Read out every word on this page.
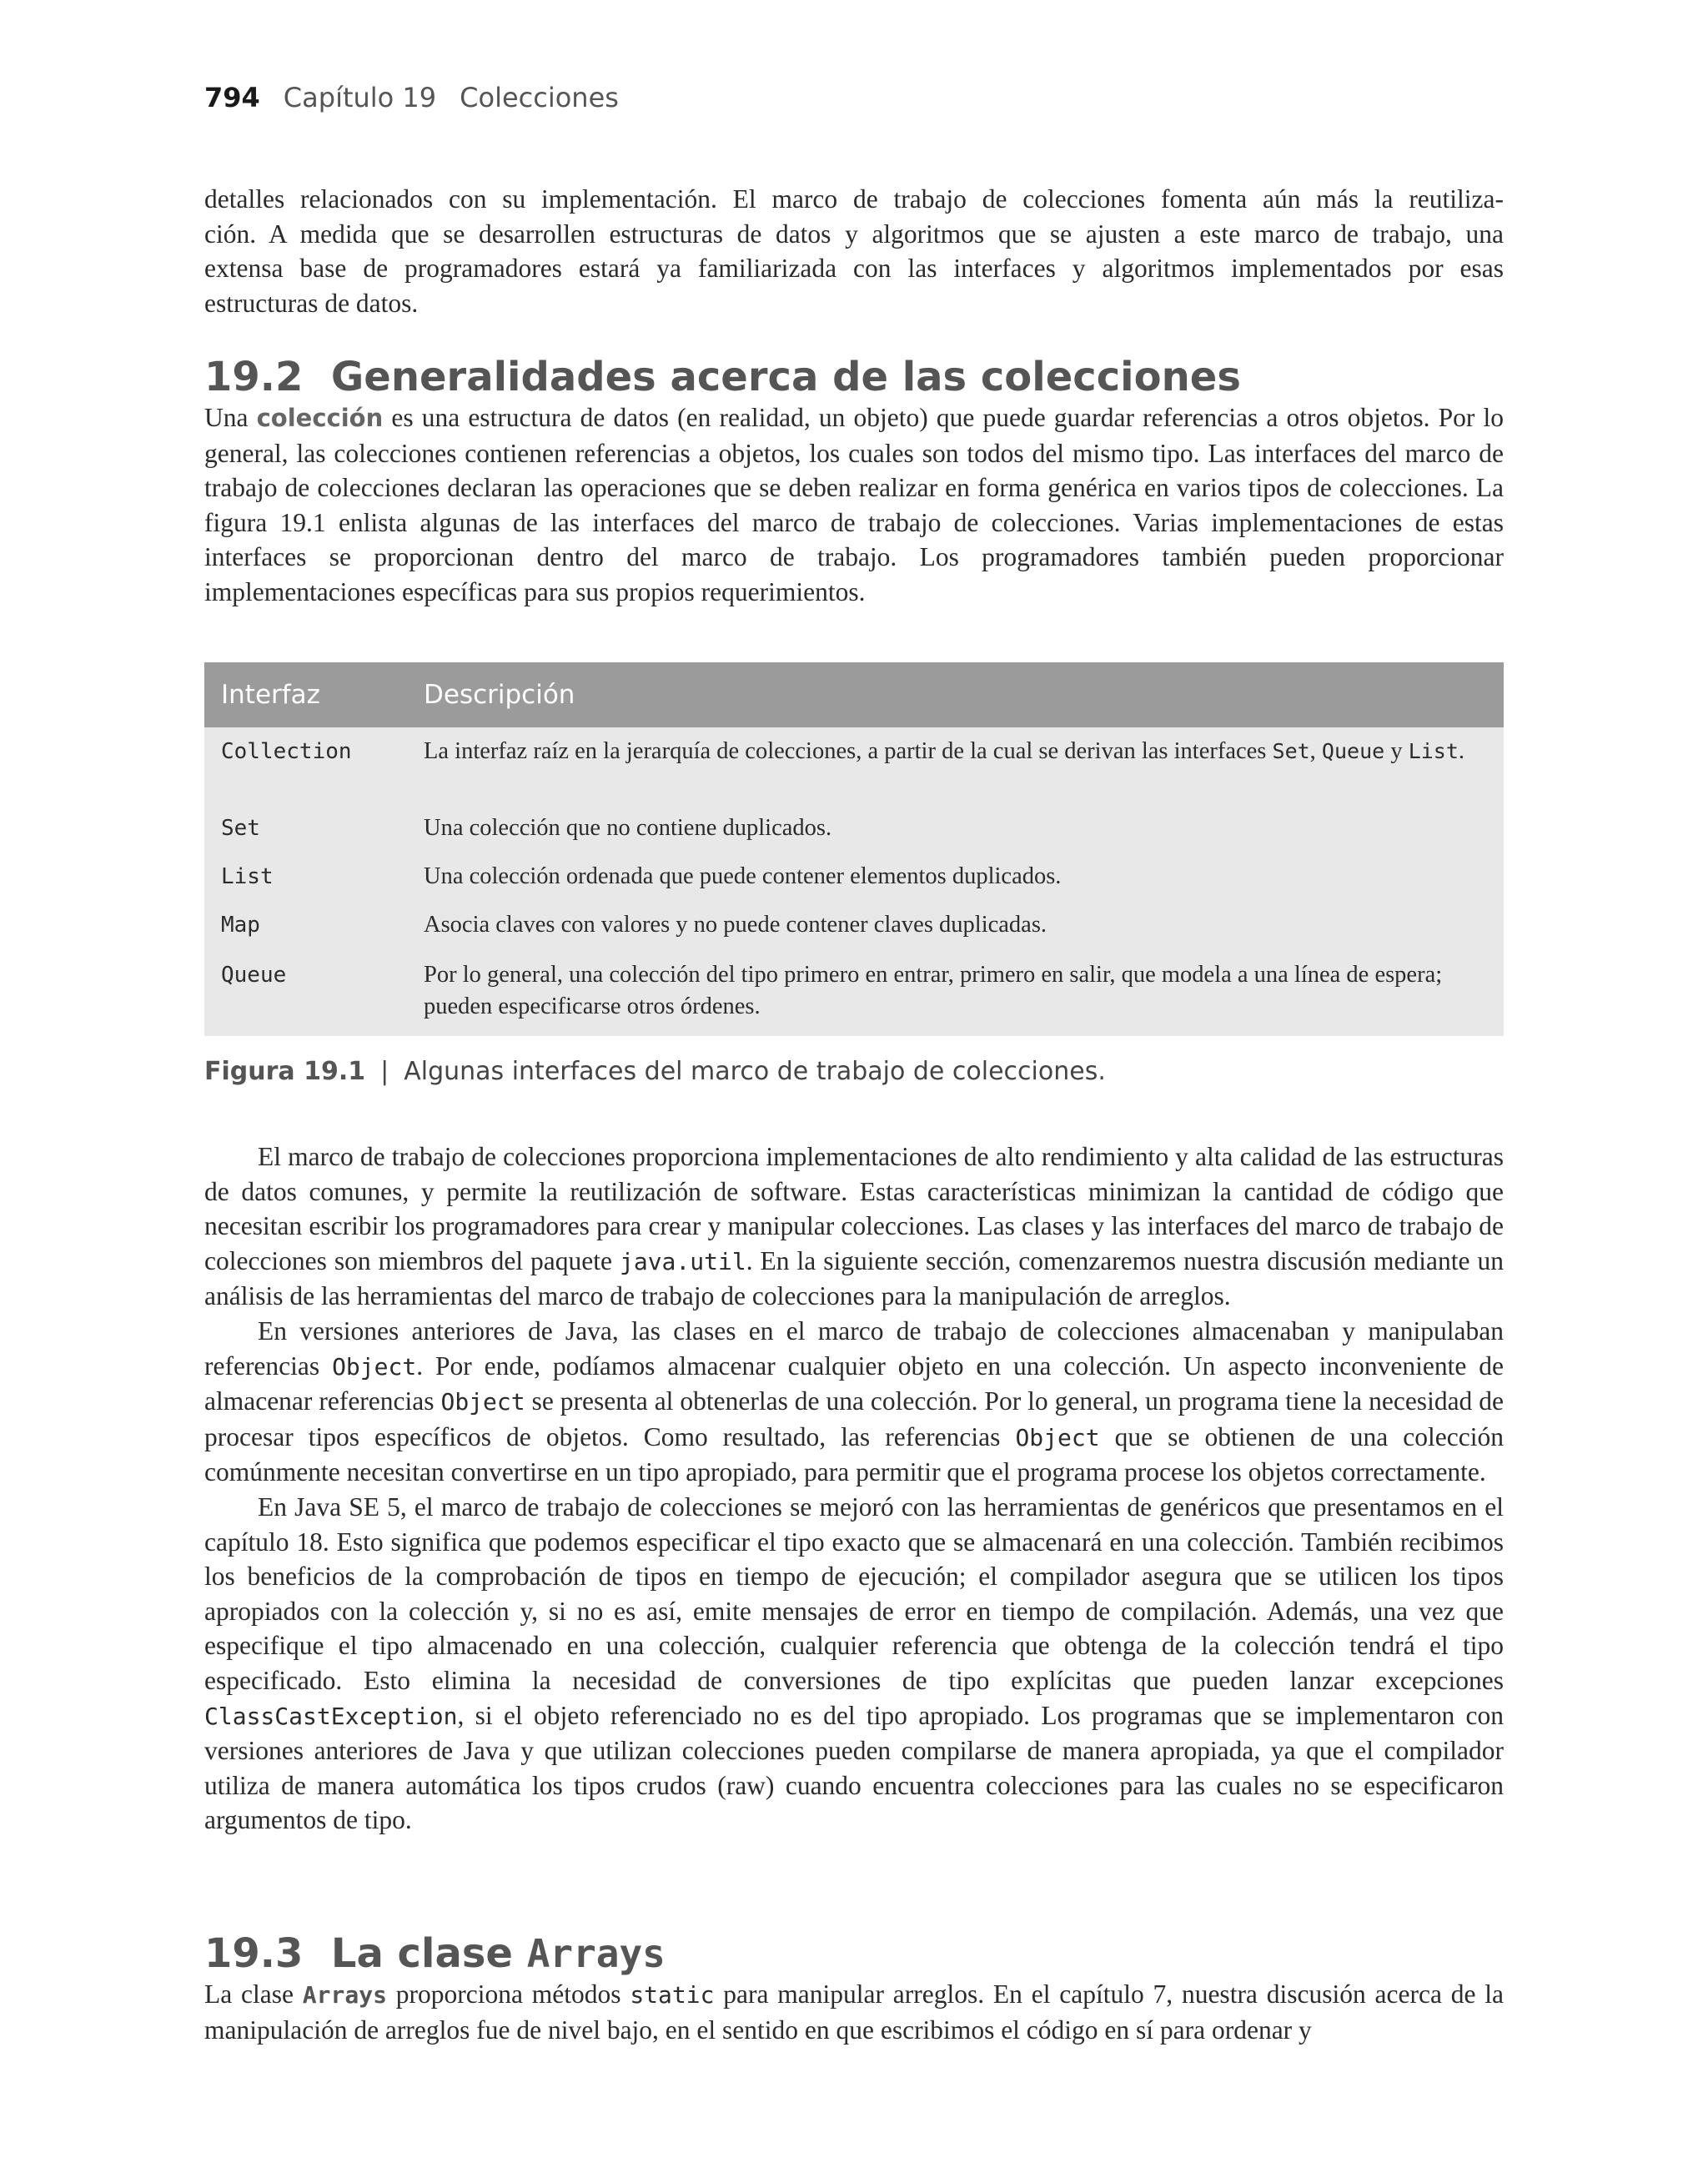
794 Capítulo 19 Colecciones

detalles relacionados con su implementación. El marco de trabajo de colecciones fomenta aún más la reutiliza-
ción. A medida que se desarrollen estructuras de datos y algoritmos que se ajusten a este marco de trabajo, una
extensa base de programadores estará ya familiarizada con las interfaces y algoritmos implementados por esas
estructuras de datos.

19.2 Generalidades acerca de las colecciones

Una colección es una estructura de datos (en realidad, un objeto) que puede guardar referencias a otros objetos. Por lo general, las colecciones contienen referencias a objetos, los cuales son todos del mismo tipo. Las interfaces del marco de trabajo de colecciones declaran las operaciones que se deben realizar en forma genérica en varios tipos de colecciones. La figura 19.1 enlista algunas de las interfaces del marco de trabajo de colecciones. Varias implementaciones de estas interfaces se proporcionan dentro del marco de trabajo. Los programadores también pueden proporcionar implementaciones específicas para sus propios requerimientos.

Interfaz	Descripción
Collection	La interfaz raíz en la jerarquía de colecciones, a partir de la cual se derivan las interfaces Set, Queue y List.
Set	Una colección que no contiene duplicados.
List	Una colección ordenada que puede contener elementos duplicados.
Map	Asocia claves con valores y no puede contener claves duplicadas.
Queue	Por lo general, una colección del tipo primero en entrar, primero en salir, que modela a una línea de espera; pueden especificarse otros órdenes.
Figura 19.1 | Algunas interfaces del marco de trabajo de colecciones.

El marco de trabajo de colecciones proporciona implementaciones de alto rendimiento y alta calidad de las estructuras de datos comunes, y permite la reutilización de software. Estas características minimizan la cantidad de código que necesitan escribir los programadores para crear y manipular colecciones. Las clases y las interfaces del marco de trabajo de colecciones son miembros del paquete java.util. En la siguiente sección, comenzaremos nuestra discusión mediante un análisis de las herramientas del marco de trabajo de colecciones para la manipulación de arreglos.

En versiones anteriores de Java, las clases en el marco de trabajo de colecciones almacenaban y manipulaban referencias Object. Por ende, podíamos almacenar cualquier objeto en una colección. Un aspecto inconveniente de almacenar referencias Object se presenta al obtenerlas de una colección. Por lo general, un programa tiene la necesidad de procesar tipos específicos de objetos. Como resultado, las referencias Object que se obtienen de una colección comúnmente necesitan convertirse en un tipo apropiado, para permitir que el programa procese los objetos correctamente.

En Java SE 5, el marco de trabajo de colecciones se mejoró con las herramientas de genéricos que presentamos en el capítulo 18. Esto significa que podemos especificar el tipo exacto que se almacenará en una colección. También recibimos los beneficios de la comprobación de tipos en tiempo de ejecución; el compilador asegura que se utilicen los tipos apropiados con la colección y, si no es así, emite mensajes de error en tiempo de compilación. Además, una vez que especifique el tipo almacenado en una colección, cualquier referencia que obtenga de la colección tendrá el tipo especificado. Esto elimina la necesidad de conversiones de tipo explícitas que pueden lanzar excepciones ClassCastException, si el objeto referenciado no es del tipo apropiado. Los programas que se implementaron con versiones anteriores de Java y que utilizan colecciones pueden compilarse de manera apropiada, ya que el compilador utiliza de manera automática los tipos crudos (raw) cuando encuentra colecciones para las cuales no se especificaron argumentos de tipo.

19.3 La clase Arrays

La clase Arrays proporciona métodos static para manipular arreglos. En el capítulo 7, nuestra discusión acerca de la manipulación de arreglos fue de nivel bajo, en el sentido en que escribimos el código en sí para ordenar y
